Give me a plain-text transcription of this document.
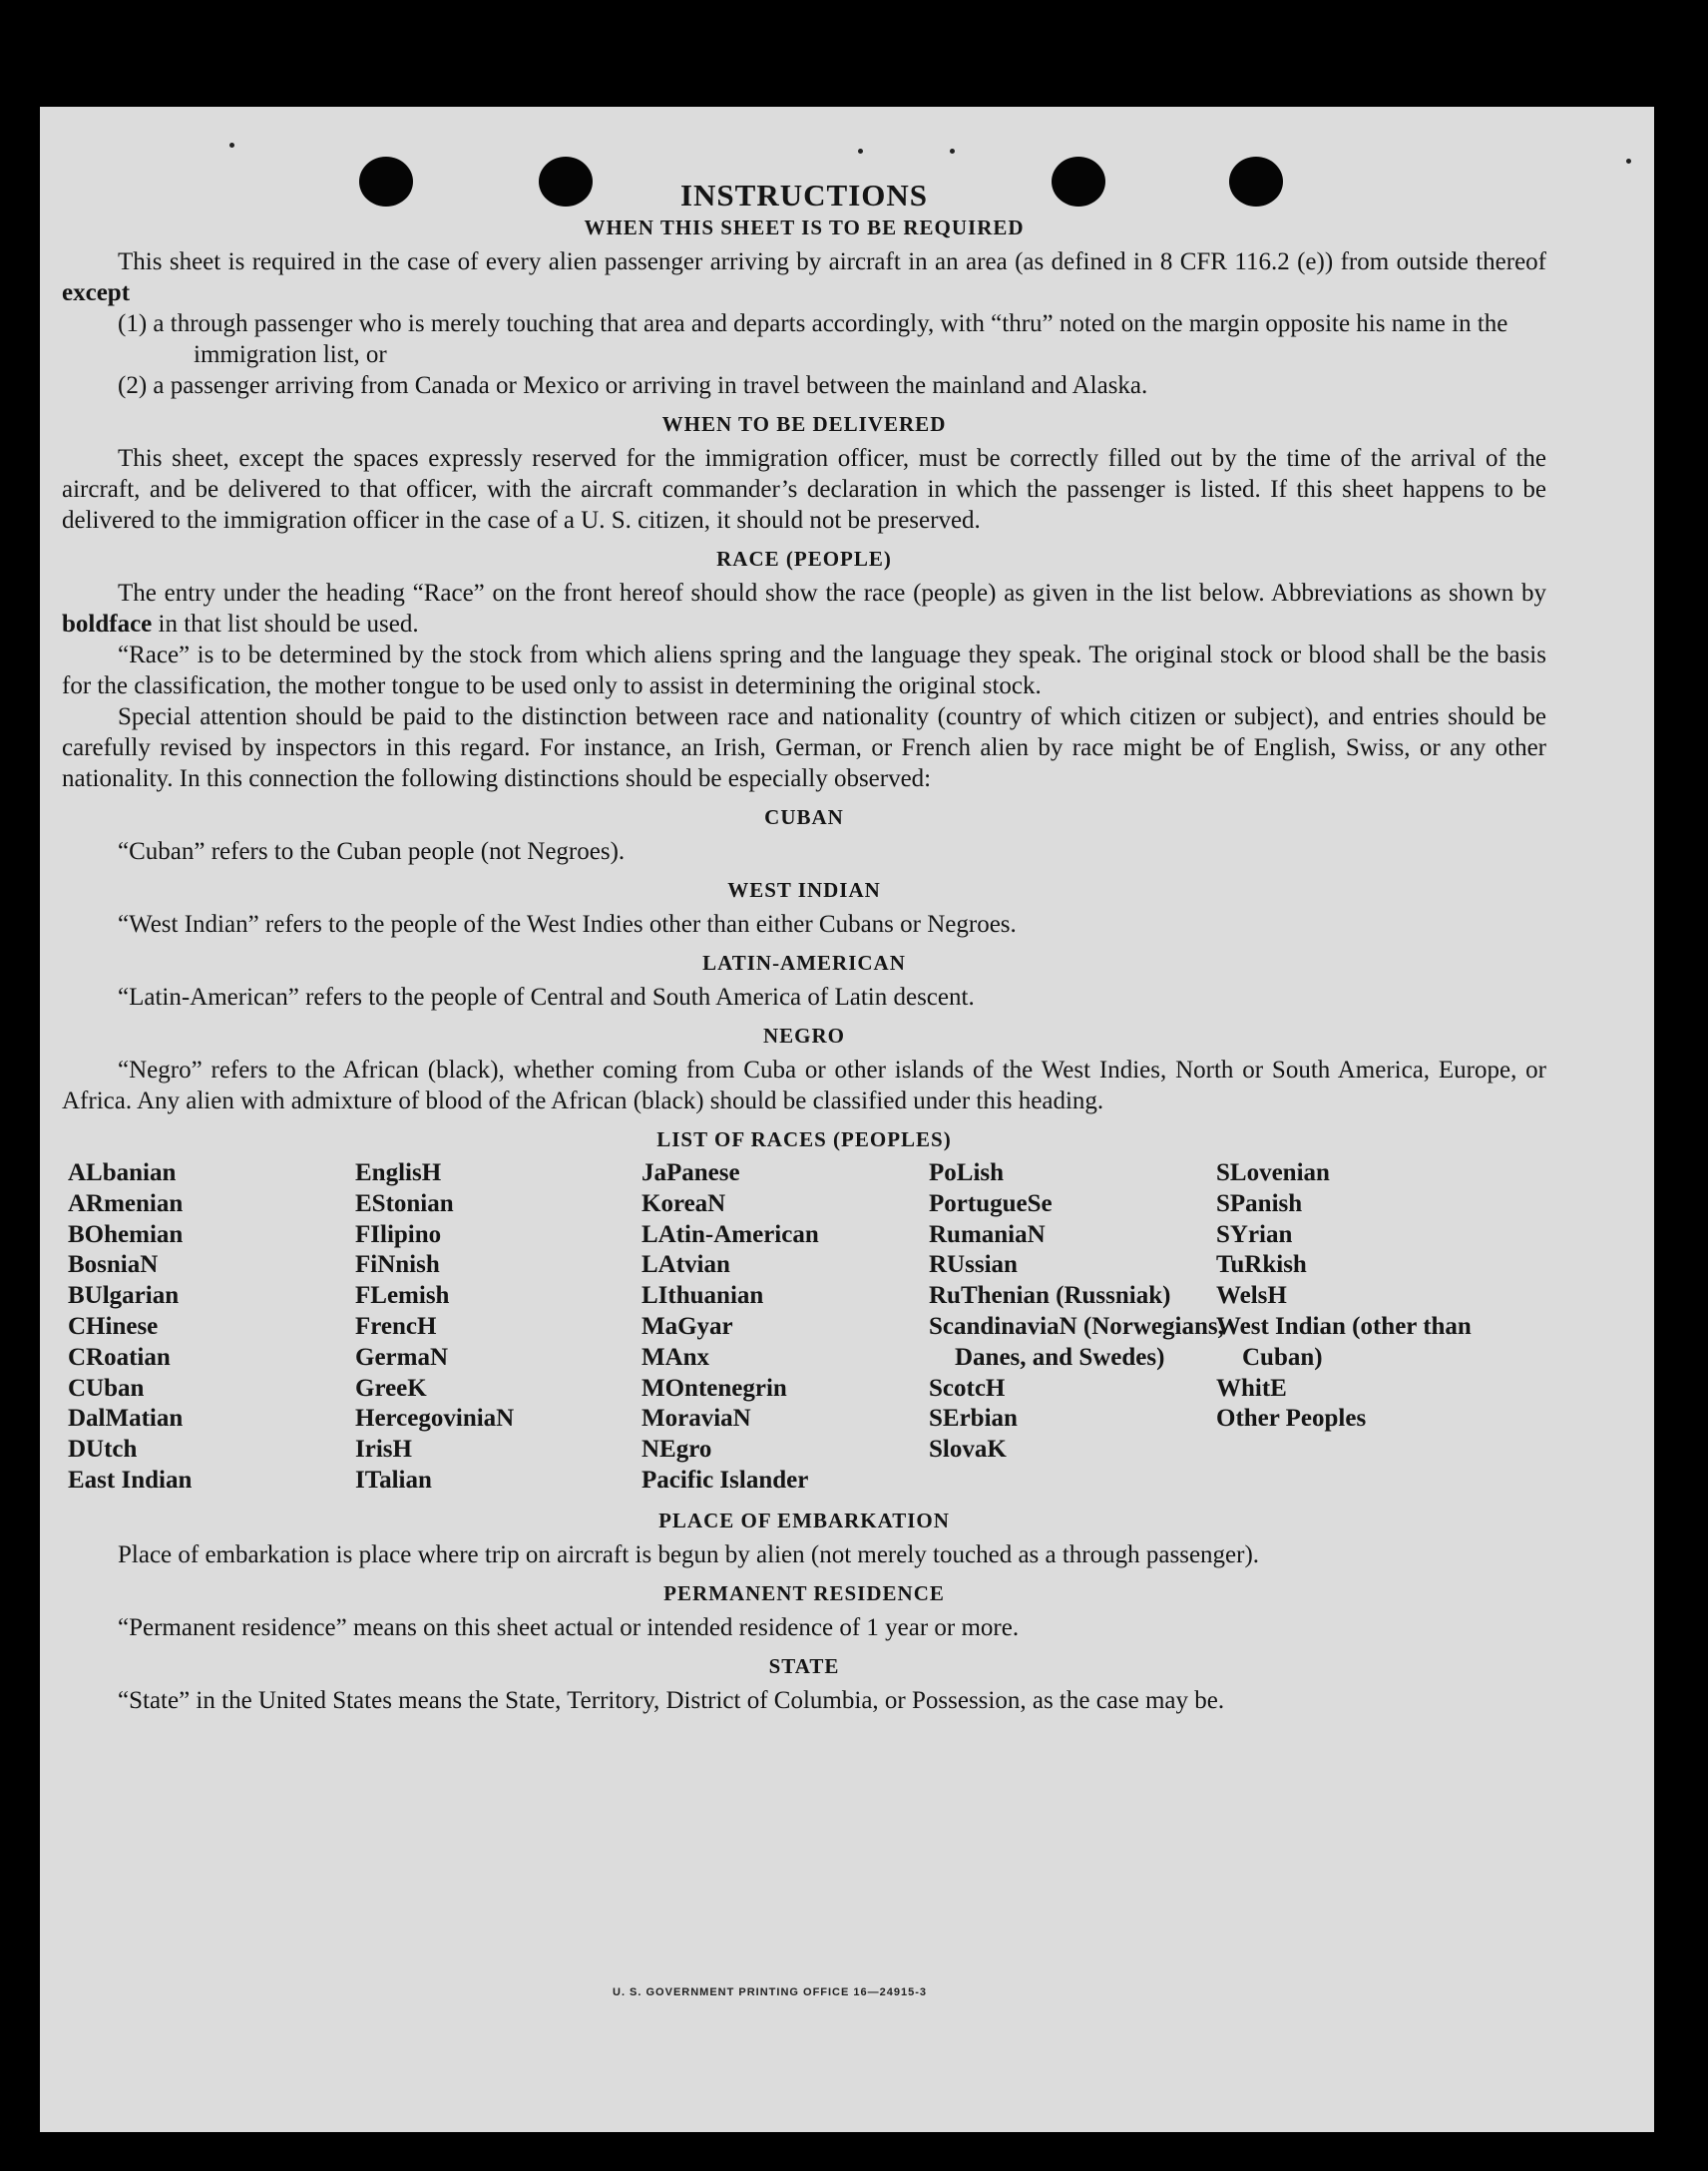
INSTRUCTIONS
WHEN THIS SHEET IS TO BE REQUIRED

This sheet is required in the case of every alien passenger arriving by aircraft in an area (as defined in 8 CFR 116.2 (e)) from outside thereof except

(1) a through passenger who is merely touching that area and departs accordingly, with “thru” noted on the margin opposite his name in the immigration list, or
(2) a passenger arriving from Canada or Mexico or arriving in travel between the mainland and Alaska.
WHEN TO BE DELIVERED

This sheet, except the spaces expressly reserved for the immigration officer, must be correctly filled out by the time of the arrival of the aircraft, and be delivered to that officer, with the aircraft commander’s declaration in which the passenger is listed. If this sheet happens to be delivered to the immigration officer in the case of a U. S. citizen, it should not be preserved.

RACE (PEOPLE)

The entry under the heading “Race” on the front hereof should show the race (people) as given in the list below. Abbreviations as shown by boldface in that list should be used.

“Race” is to be determined by the stock from which aliens spring and the language they speak. The original stock or blood shall be the basis for the classification, the mother tongue to be used only to assist in determining the original stock.

Special attention should be paid to the distinction between race and nationality (country of which citizen or subject), and entries should be carefully revised by inspectors in this regard. For instance, an Irish, German, or French alien by race might be of English, Swiss, or any other nationality. In this connection the following distinctions should be especially observed:

CUBAN

“Cuban” refers to the Cuban people (not Negroes).

WEST INDIAN

“West Indian” refers to the people of the West Indies other than either Cubans or Negroes.

LATIN-AMERICAN

“Latin-American” refers to the people of Central and South America of Latin descent.

NEGRO

“Negro” refers to the African (black), whether coming from Cuba or other islands of the West Indies, North or South America, Europe, or Africa. Any alien with admixture of blood of the African (black) should be classified under this heading.

LIST OF RACES (PEOPLES)
ALbanian
ARmenian
BOhemian
BosniaN
BUlgarian
CHinese
CRoatian
CUban
DalMatian
DUtch
East Indian
EnglisH
EStonian
FIlipino
FiNnish
FLemish
FrencH
GermaN
GreeK
HercegoviniaN
IrisH
ITalian
JaPanese
KoreaN
LAtin-American
LAtvian
LIthuanian
MaGyar
MAnx
MOntenegrin
MoraviaN
NEgro
Pacific Islander
PoLish
PortugueSe
RumaniaN
RUssian
RuThenian (Russniak)
ScandinaviaN (Norwegians, Danes, and Swedes)
ScotcH
SErbian
SlovaK
SLovenian
SPanish
SYrian
TuRkish
WelsH
West Indian (other than Cuban)
WhitE
Other Peoples
PLACE OF EMBARKATION

Place of embarkation is place where trip on aircraft is begun by alien (not merely touched as a through passenger).

PERMANENT RESIDENCE

“Permanent residence” means on this sheet actual or intended residence of 1 year or more.

STATE

“State” in the United States means the State, Territory, District of Columbia, or Possession, as the case may be.

U. S. GOVERNMENT PRINTING OFFICE 16—24915-3
